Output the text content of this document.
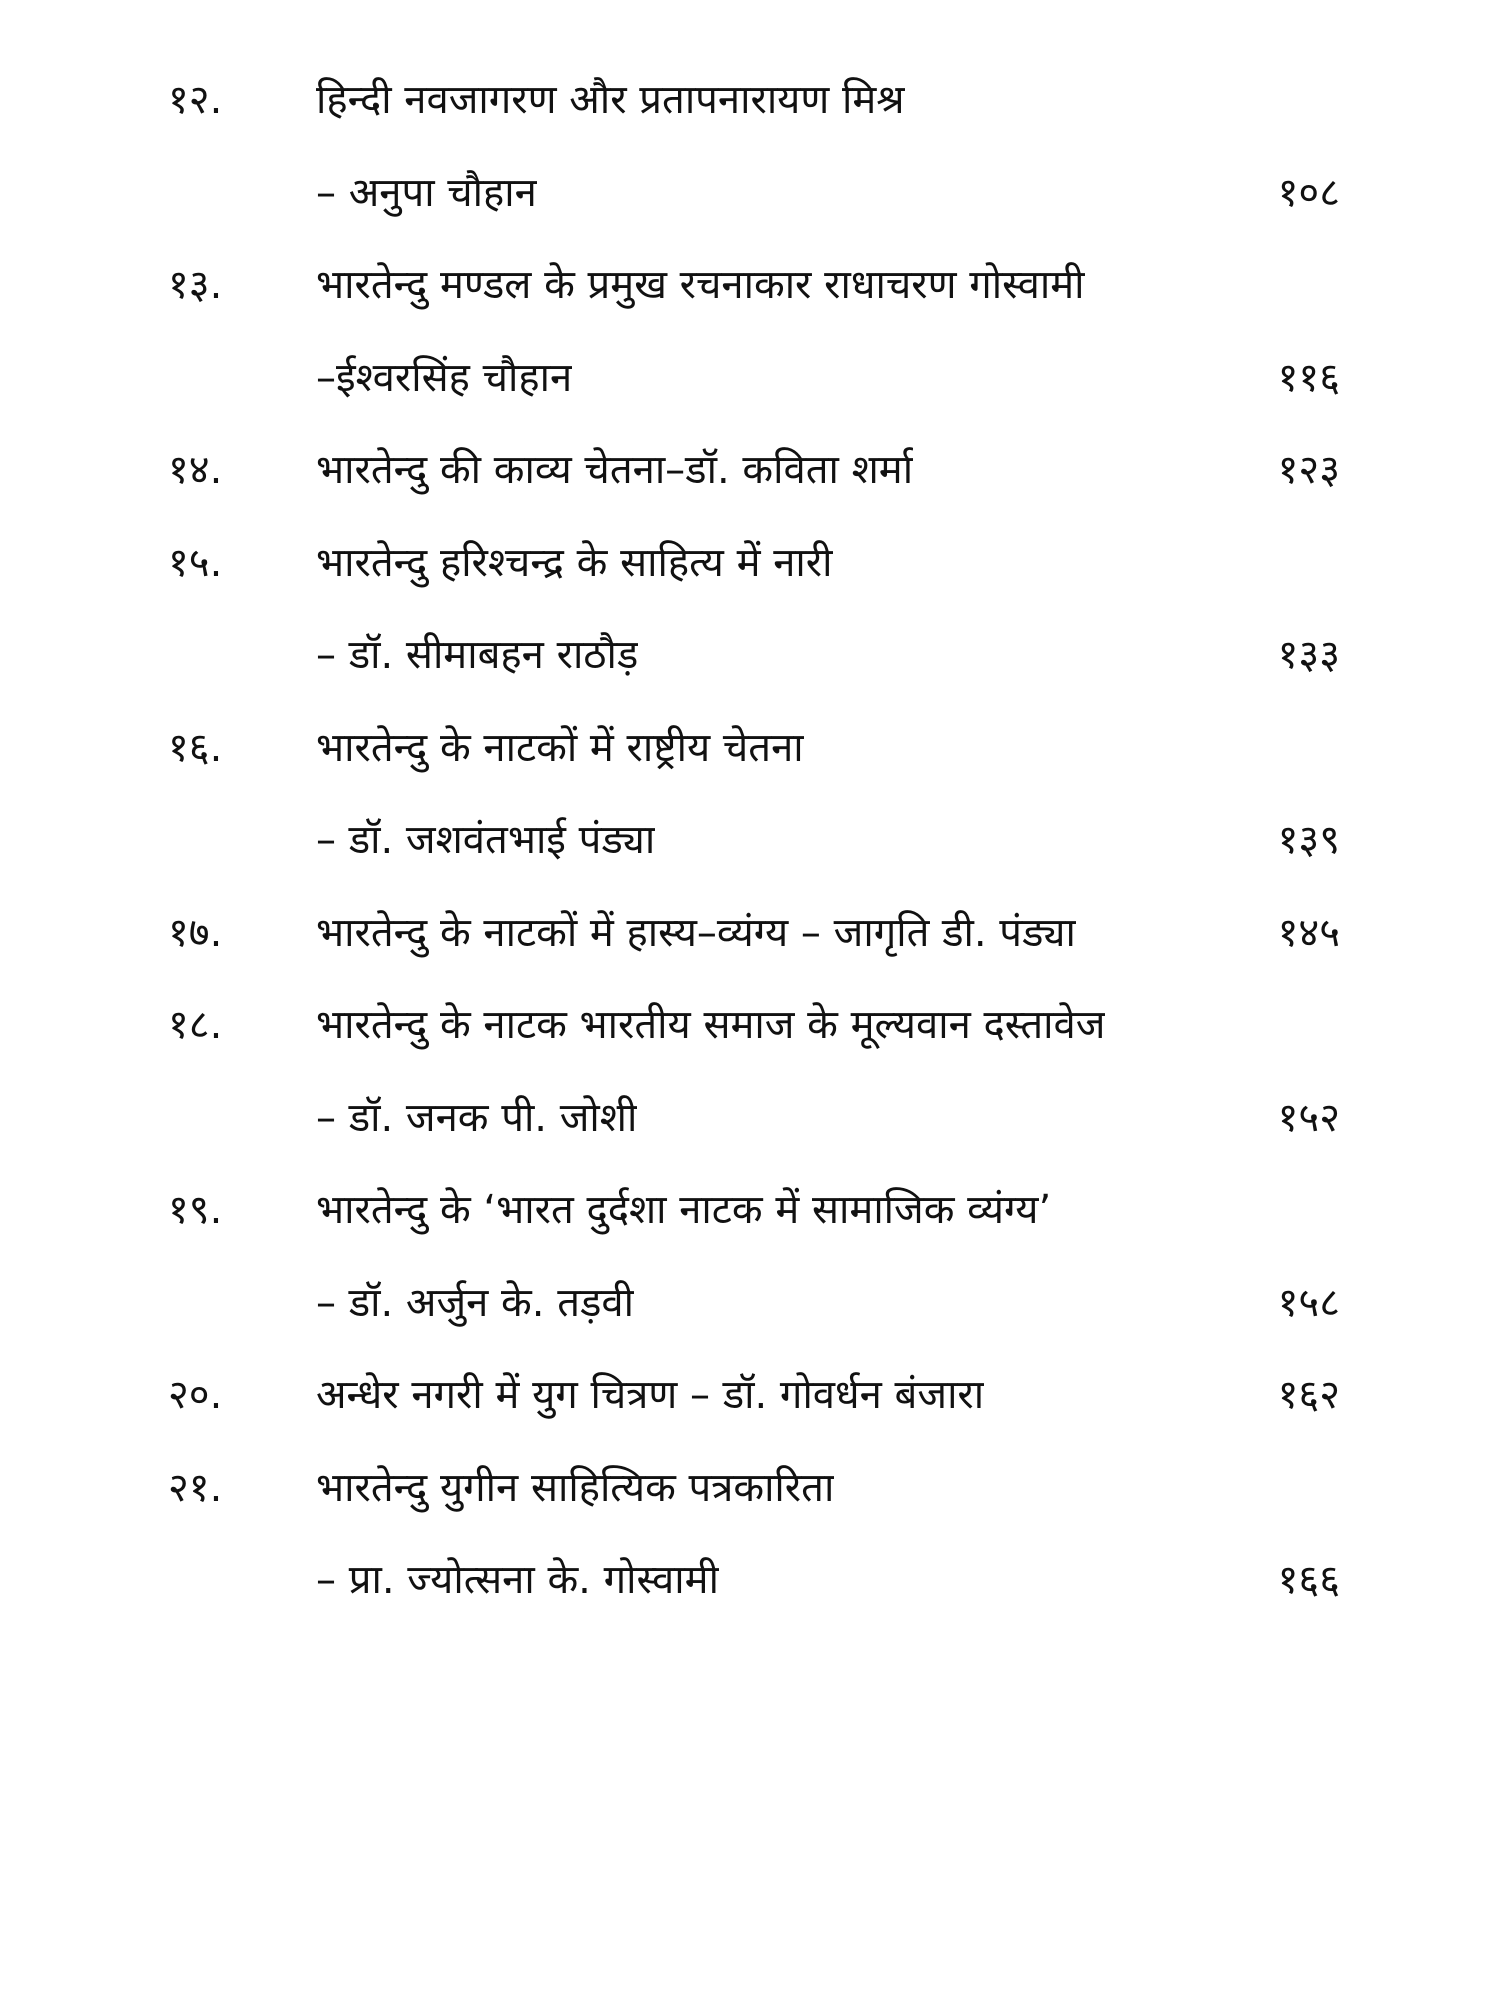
१२. हिन्दी नवजागरण और प्रतापनारायण मिश्र
– अनुपा चौहान	१०८
१३. भारतेन्दु मण्डल के प्रमुख रचनाकार राधाचरण गोस्वामी
–ईश्वरसिंह चौहान	११६
१४. भारतेन्दु की काव्य चेतना–डॉ. कविता शर्मा	१२३
१५. भारतेन्दु हरिश्चन्द्र के साहित्य में नारी
– डॉ. सीमाबहन राठौड़	१३३
१६. भारतेन्दु के नाटकों में राष्ट्रीय चेतना
– डॉ. जशवंतभाई पंड्या	१३९
१७. भारतेन्दु के नाटकों में हास्य–व्यंग्य – जागृति डी. पंड्या	१४५
१८. भारतेन्दु के नाटक भारतीय समाज के मूल्यवान दस्तावेज
– डॉ. जनक पी. जोशी	१५२
१९. भारतेन्दु के ‘भारत दुर्दशा नाटक में सामाजिक व्यंग्य’
– डॉ. अर्जुन के. तड़वी	१५८
२०. अन्धेर नगरी में युग चित्रण – डॉ. गोवर्धन बंजारा	१६२
२१. भारतेन्दु युगीन साहित्यिक पत्रकारिता
– प्रा. ज्योत्सना के. गोस्वामी	१६६
